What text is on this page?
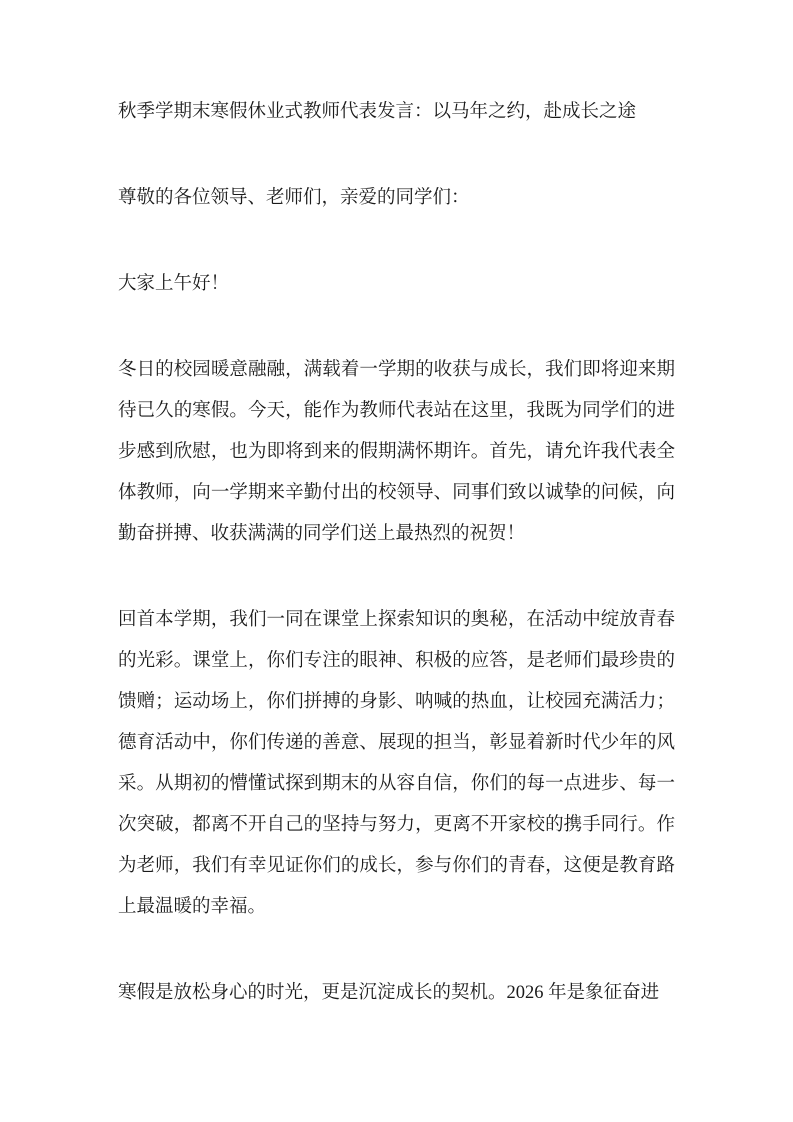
秋季学期末寒假休业式教师代表发言：以马年之约，赴成长之途

尊敬的各位领导、老师们，亲爱的同学们：

大家上午好！

冬日的校园暖意融融，满载着一学期的收获与成长，我们即将迎来期待已久的寒假。今天，能作为教师代表站在这里，我既为同学们的进步感到欣慰，也为即将到来的假期满怀期许。首先，请允许我代表全体教师，向一学期来辛勤付出的校领导、同事们致以诚挚的问候，向勤奋拼搏、收获满满的同学们送上最热烈的祝贺！

回首本学期，我们一同在课堂上探索知识的奥秘，在活动中绽放青春的光彩。课堂上，你们专注的眼神、积极的应答，是老师们最珍贵的馈赠；运动场上，你们拼搏的身影、呐喊的热血，让校园充满活力；德育活动中，你们传递的善意、展现的担当，彰显着新时代少年的风采。从期初的懵懂试探到期末的从容自信，你们的每一点进步、每一次突破，都离不开自己的坚持与努力，更离不开家校的携手同行。作为老师，我们有幸见证你们的成长，参与你们的青春，这便是教育路上最温暖的幸福。

寒假是放松身心的时光，更是沉淀成长的契机。2026 年是象征奋进
